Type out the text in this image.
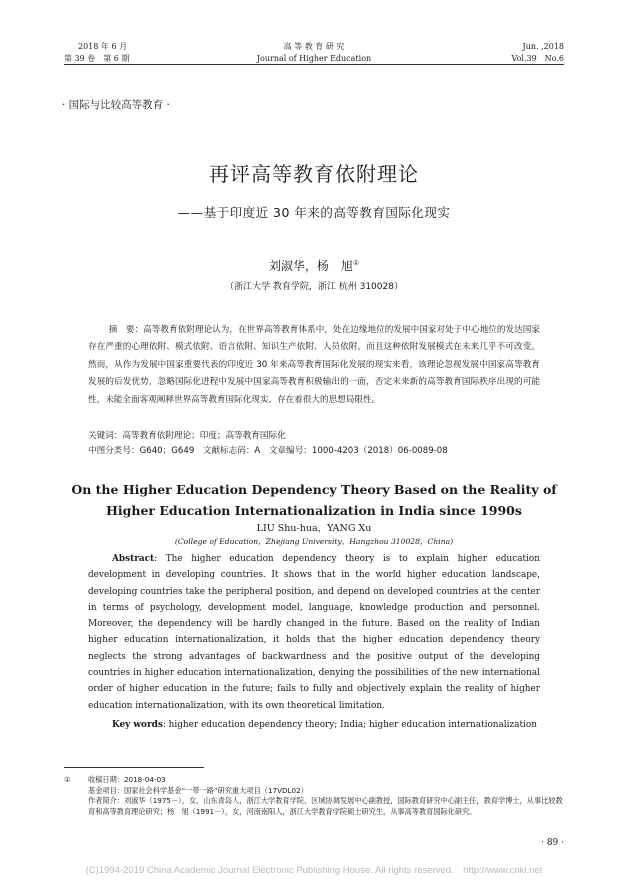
2018 年 6 月
第 39 卷　第 6 期
高 等 教 育 研 究
Journal of Higher Education
Jun. ,2018
Vol.39　No.6
· 国际与比较高等教育 ·
再评高等教育依附理论
——基于印度近 30 年来的高等教育国际化现实
刘淑华，杨　旭①
（浙江大学 教育学院，浙江 杭州 310028）

摘　要：高等教育依附理论认为，在世界高等教育体系中，处在边缘地位的发展中国家对处于中心地位的发达国家存在严重的心理依附、模式依附、语言依附、知识生产依附、人员依附，而且这种依附发展模式在未来几乎不可改变。然而，从作为发展中国家重要代表的印度近 30 年来高等教育国际化发展的现实来看，该理论忽视发展中国家高等教育发展的后发优势，忽略国际化进程中发展中国家高等教育积极输出的一面，否定未来新的高等教育国际秩序出现的可能性，未能全面客观阐释世界高等教育国际化现实，存在着很大的思想局限性。

关键词：高等教育依附理论；印度；高等教育国际化
中图分类号：G640；G649　文献标志码：A　文章编号：1000-4203（2018）06-0089-08
On the Higher Education Dependency Theory Based on the Reality of Higher Education Internationalization in India since 1990s
LIU Shu-hua，YANG Xu
(College of Education，Zhejiang University，Hangzhou 310028，China)
Abstract: The higher education dependency theory is to explain higher education development in developing countries. It shows that in the world higher education landscape, developing countries take the peripheral position, and depend on developed countries at the center in terms of psychology, development model, language, knowledge production and personnel. Moreover, the dependency will be hardly changed in the future. Based on the reality of Indian higher education internationalization, it holds that the higher education dependency theory neglects the strong advantages of backwardness and the positive output of the developing countries in higher education internationalization, denying the possibilities of the new international order of higher education in the future; fails to fully and objectively explain the reality of higher education internationalization, with its own theoretical limitation.
Key words: higher education dependency theory; India; higher education internationalization
① 收稿日期：2018-04-03
基金项目：国家社会科学基金“一带一路”研究重大项目（17VDL02）
作者简介：刘淑华（1975－），女，山东青岛人，浙江大学教育学院、区域协调发展中心副教授，国际教育研究中心副主任，教育学博士，从事比较教育和高等教育理论研究；杨　旭（1991－），女，河南南阳人，浙江大学教育学院硕士研究生，从事高等教育国际化研究。
· 89 ·
(C)1994-2019 China Academic Journal Electronic Publishing House. All rights reserved.　http://www.cnki.net
